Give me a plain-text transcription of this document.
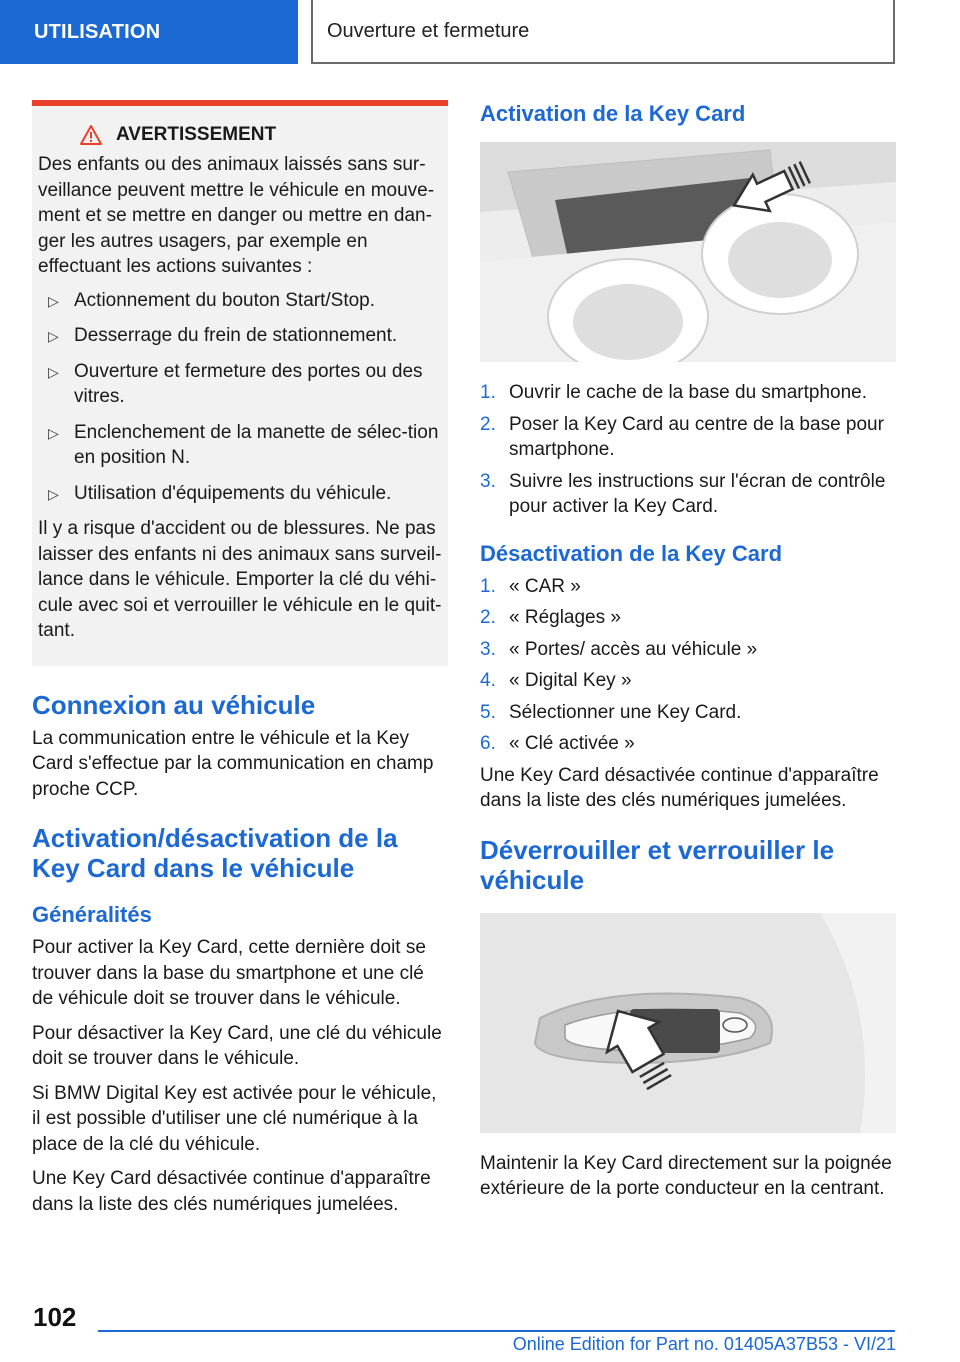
UTILISATION	Ouverture et fermeture
AVERTISSEMENT

Des enfants ou des animaux laissés sans sur-veillance peuvent mettre le véhicule en mouve-ment et se mettre en danger ou mettre en dan-ger les autres usagers, par exemple en effectuant les actions suivantes :

▷ Actionnement du bouton Start/Stop.
▷ Desserrage du frein de stationnement.
▷ Ouverture et fermeture des portes ou des vitres.
▷ Enclenchement de la manette de sélec-tion en position N.
▷ Utilisation d'équipements du véhicule.

Il y a risque d'accident ou de blessures. Ne pas laisser des enfants ni des animaux sans surveil-lance dans le véhicule. Emporter la clé du véhi-cule avec soi et verrouiller le véhicule en le quit-tant.

Connexion au véhicule

La communication entre le véhicule et la Key Card s'effectue par la communication en champ proche CCP.

Activation/désactivation de la Key Card dans le véhicule
Généralités

Pour activer la Key Card, cette dernière doit se trouver dans la base du smartphone et une clé de véhicule doit se trouver dans le véhicule.

Pour désactiver la Key Card, une clé du véhicule doit se trouver dans le véhicule.

Si BMW Digital Key est activée pour le véhicule, il est possible d'utiliser une clé numérique à la place de la clé du véhicule.

Une Key Card désactivée continue d'apparaître dans la liste des clés numériques jumelées.

Activation de la Key Card
1. Ouvrir le cache de la base du smartphone.
2. Poser la Key Card au centre de la base pour smartphone.
3. Suivre les instructions sur l'écran de contrôle pour activer la Key Card.
Désactivation de la Key Card
1. « CAR »
2. « Réglages »
3. « Portes/ accès au véhicule »
4. « Digital Key »
5. Sélectionner une Key Card.
6. « Clé activée »

Une Key Card désactivée continue d'apparaître dans la liste des clés numériques jumelées.

Déverrouiller et verrouiller le véhicule

Maintenir la Key Card directement sur la poignée extérieure de la porte conducteur en la centrant.

102
Online Edition for Part no. 01405A37B53 - VI/21
